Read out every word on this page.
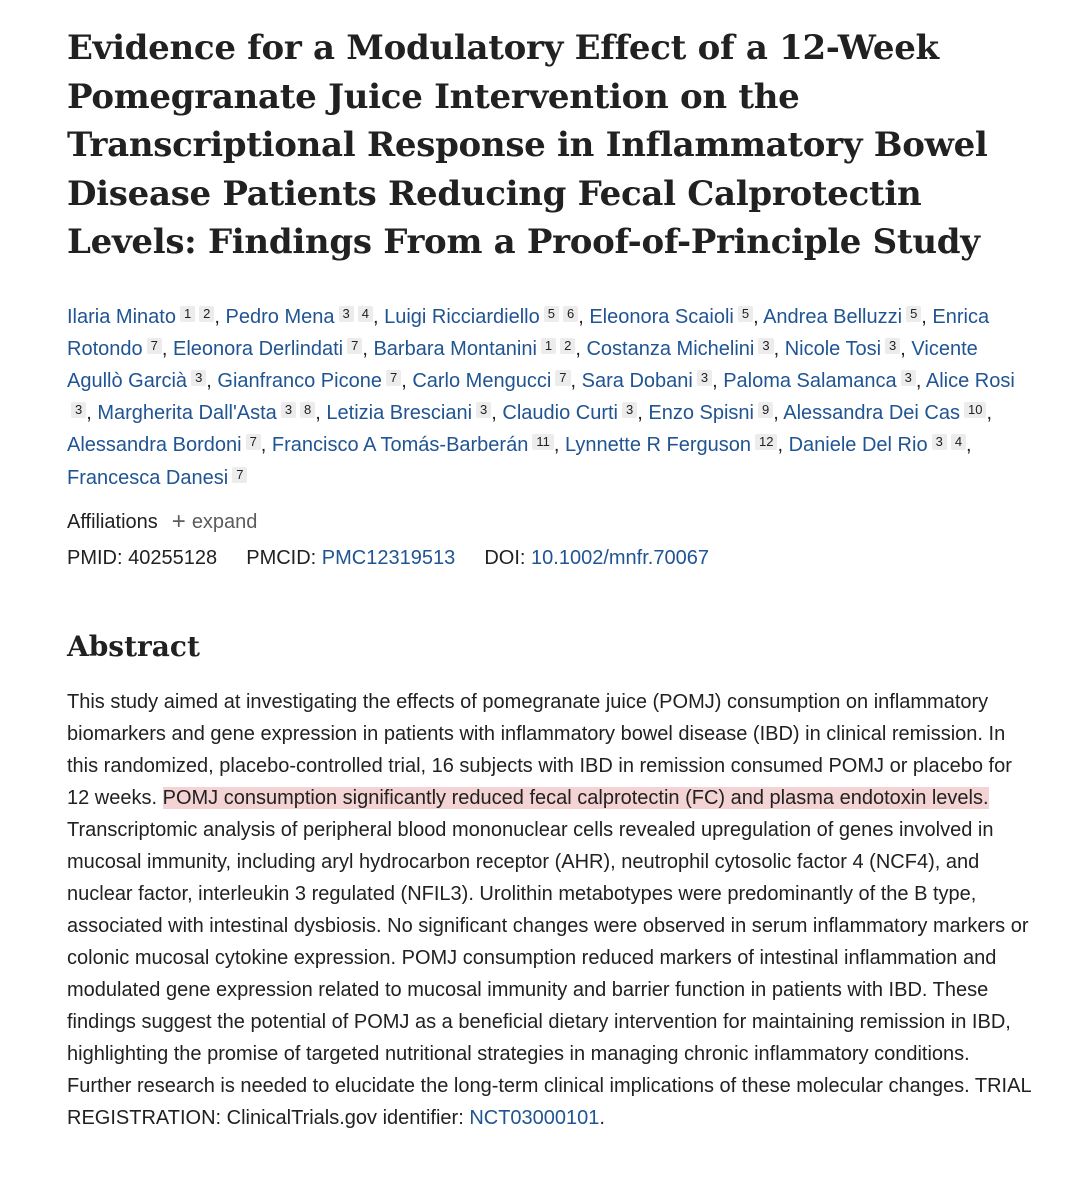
Evidence for a Modulatory Effect of a 12-Week Pomegranate Juice Intervention on the Transcriptional Response in Inflammatory Bowel Disease Patients Reducing Fecal Calprotectin Levels: Findings From a Proof-of-Principle Study
Ilaria Minato 1 2 , Pedro Mena 3 4 , Luigi Ricciardiello 5 6 , Eleonora Scaioli 5 , Andrea Belluzzi 5 , Enrica Rotondo 7 , Eleonora Derlindati 7 , Barbara Montanini 1 2 , Costanza Michelini 3 , Nicole Tosi 3 , Vicente Agullò Garcià 3 , Gianfranco Picone 7 , Carlo Mengucci 7 , Sara Dobani 3 , Paloma Salamanca 3 , Alice Rosi3 , Margherita Dall'Asta 3 8 , Letizia Bresciani 3 , Claudio Curti 3 , Enzo Spisni 9 , Alessandra Dei Cas 10 , Alessandra Bordoni 7 , Francisco A Tomás-Barberán 11 , Lynnette R Ferguson 12 , Daniele Del Rio 3 4 , Francesca Danesi 7
Affiliations + expand
PMID: 40255128 PMCID: PMC12319513 DOI: 10.1002/mnfr.70067
Abstract
This study aimed at investigating the effects of pomegranate juice (POMJ) consumption on inflammatory biomarkers and gene expression in patients with inflammatory bowel disease (IBD) in clinical remission. In this randomized, placebo-controlled trial, 16 subjects with IBD in remission consumed POMJ or placebo for 12 weeks. POMJ consumption significantly reduced fecal calprotectin (FC) and plasma endotoxin levels. Transcriptomic analysis of peripheral blood mononuclear cells revealed upregulation of genes involved in mucosal immunity, including aryl hydrocarbon receptor (AHR), neutrophil cytosolic factor 4 (NCF4), and nuclear factor, interleukin 3 regulated (NFIL3). Urolithin metabotypes were predominantly of the B type, associated with intestinal dysbiosis. No significant changes were observed in serum inflammatory markers or colonic mucosal cytokine expression. POMJ consumption reduced markers of intestinal inflammation and modulated gene expression related to mucosal immunity and barrier function in patients with IBD. These findings suggest the potential of POMJ as a beneficial dietary intervention for maintaining remission in IBD, highlighting the promise of targeted nutritional strategies in managing chronic inflammatory conditions. Further research is needed to elucidate the long-term clinical implications of these molecular changes. TRIAL REGISTRATION: ClinicalTrials.gov identifier: NCT03000101.
